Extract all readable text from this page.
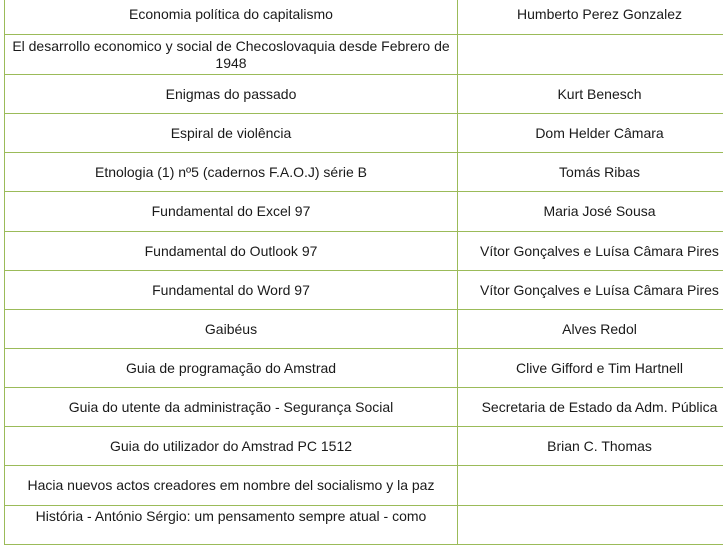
Economia política do capitalismo	Humberto Perez Gonzalez
El desarrollo economico y social de Checoslovaquia desde Febrero de 1948	
Enigmas do passado	Kurt Benesch
Espiral de violência	Dom Helder Câmara
Etnologia (1) nº5 (cadernos F.A.O.J) série B	Tomás Ribas
Fundamental do Excel 97	Maria José Sousa
Fundamental do Outlook 97	Vítor Gonçalves e Luísa Câmara Pires
Fundamental do Word 97	Vítor Gonçalves e Luísa Câmara Pires
Gaibéus	Alves Redol
Guia de programação do Amstrad	Clive Gifford e Tim Hartnell
Guia do utente da administração - Segurança Social	Secretaria de Estado da Adm. Pública
Guia do utilizador do Amstrad PC 1512	Brian C. Thomas
Hacia nuevos actos creadores em nombre del socialismo y la paz	
História - António Sérgio: um pensamento sempre atual - como	
